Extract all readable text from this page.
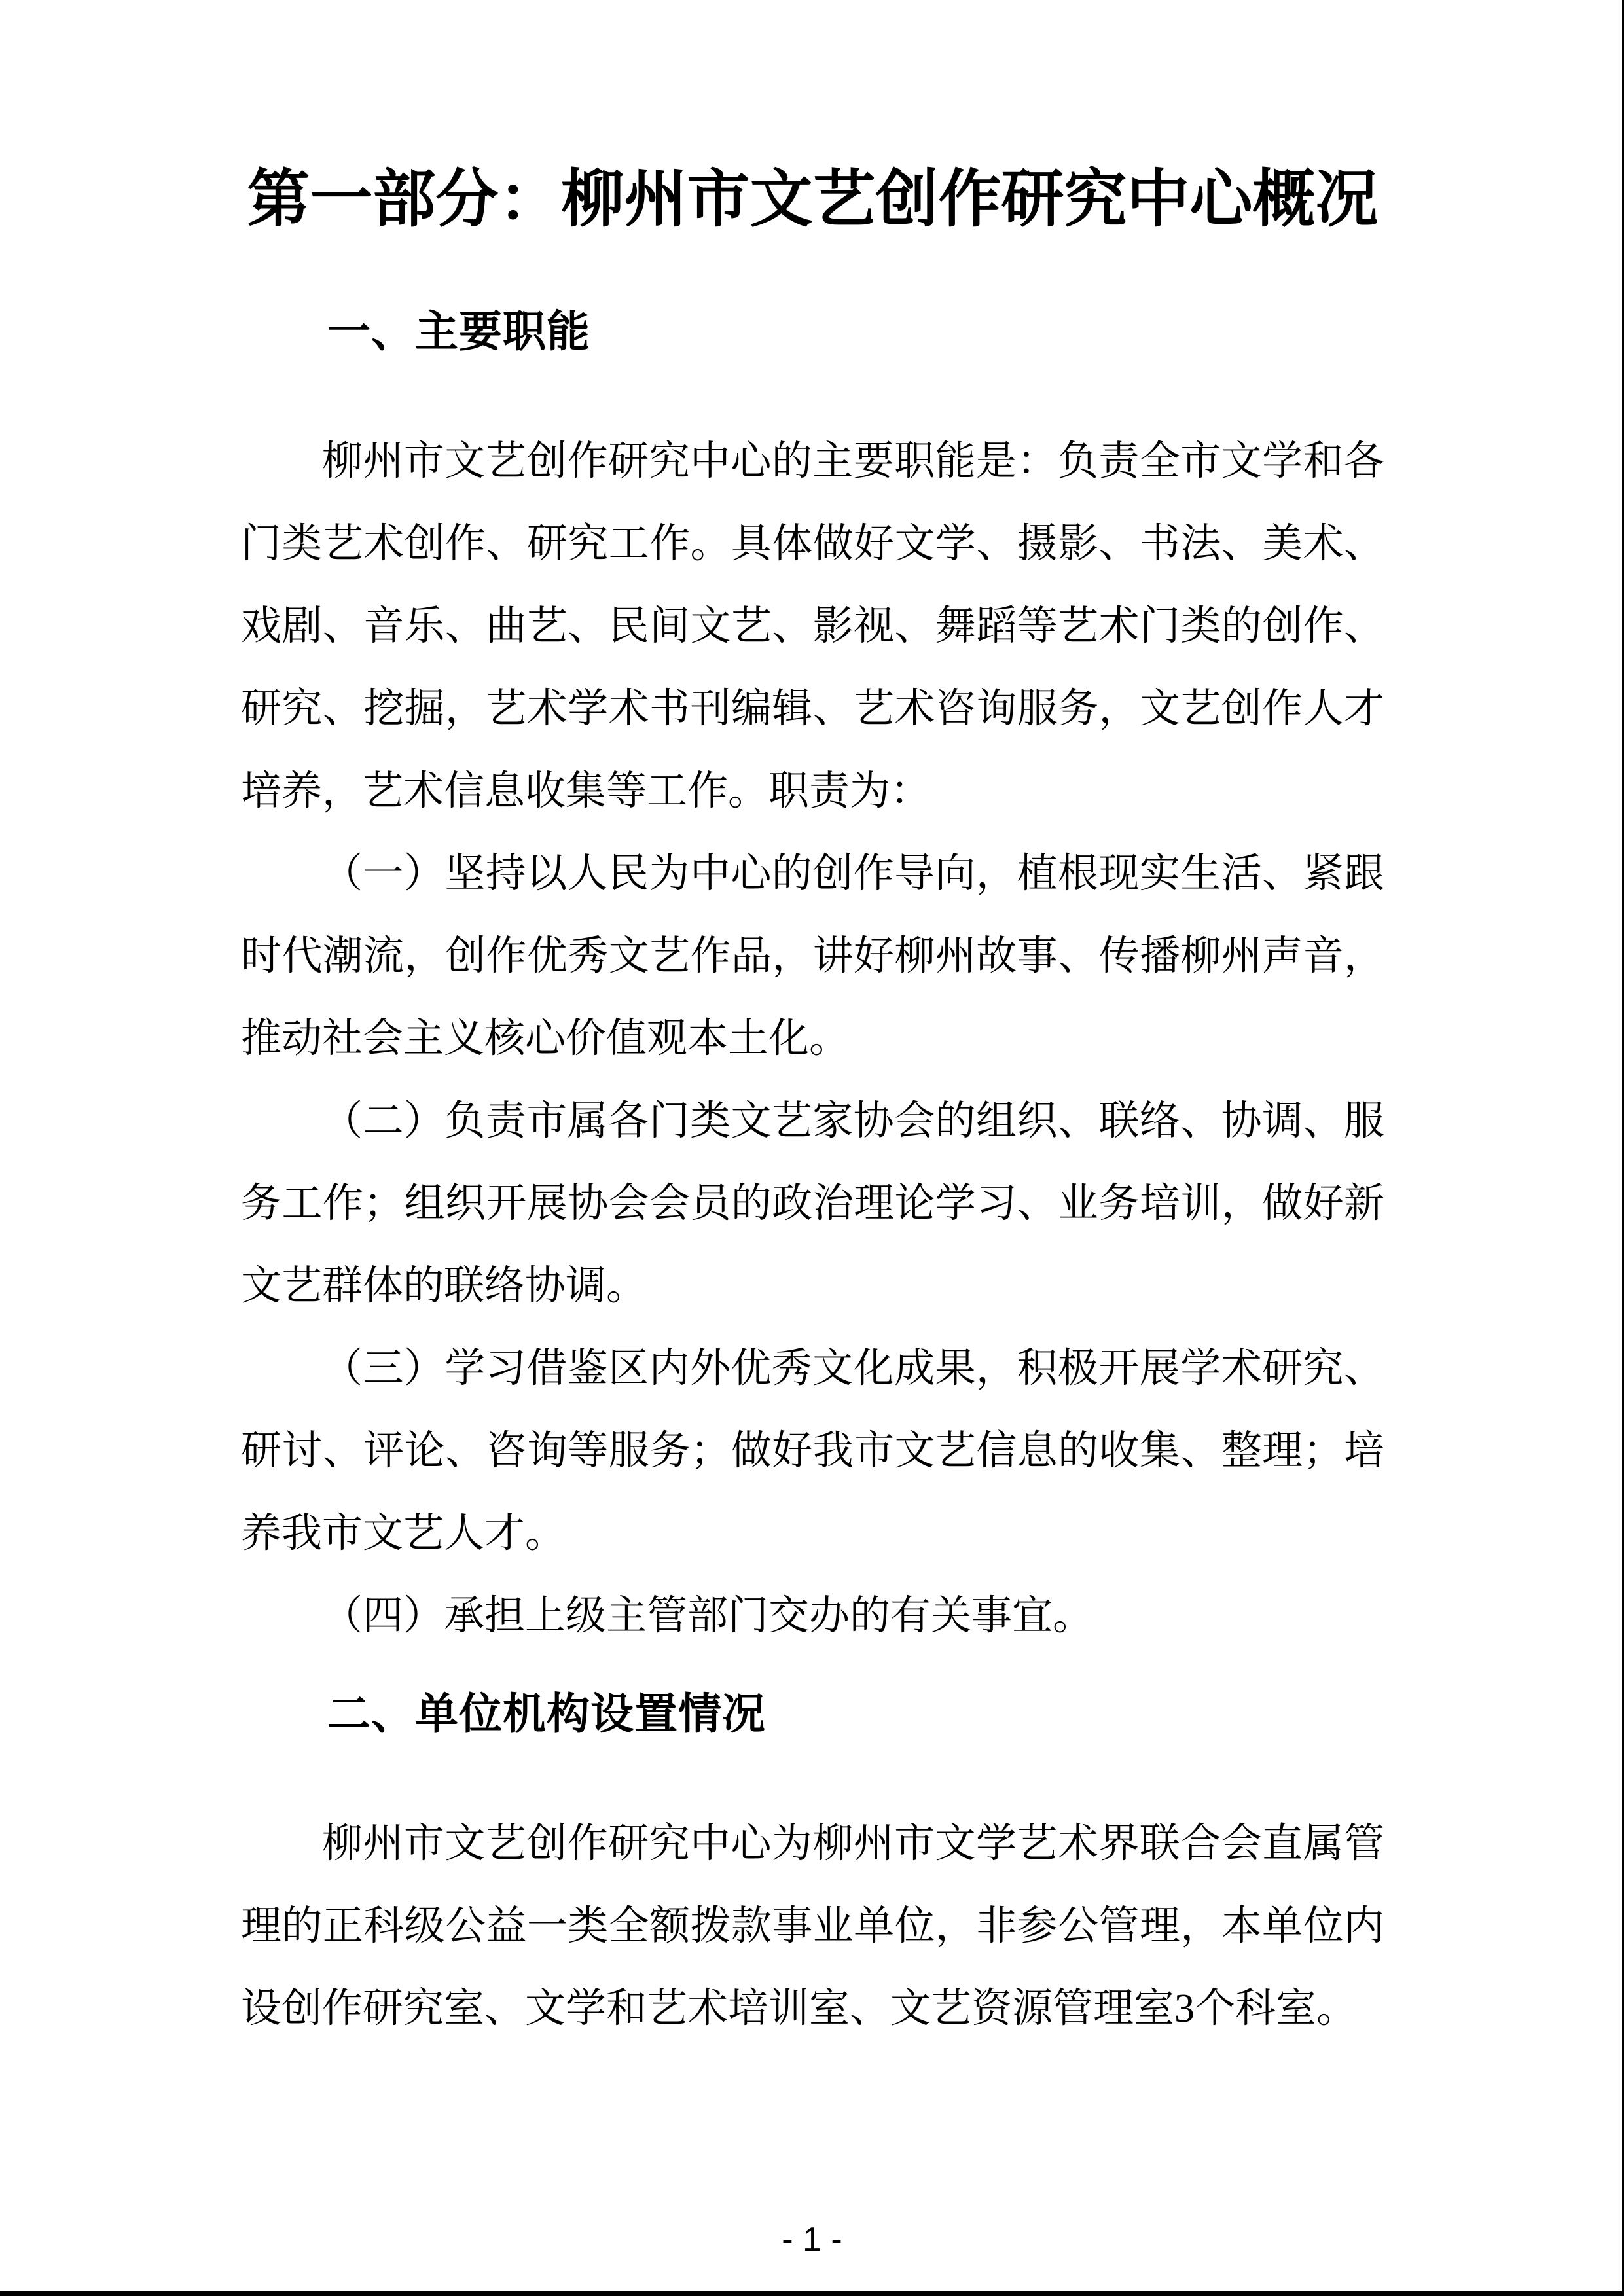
第一部分：柳州市文艺创作研究中心概况
一、主要职能

柳州市文艺创作研究中心的主要职能是：负责全市文学和各门类艺术创作、研究工作。具体做好文学、摄影、书法、美术、戏剧、音乐、曲艺、民间文艺、影视、舞蹈等艺术门类的创作、研究、挖掘，艺术学术书刊编辑、艺术咨询服务，文艺创作人才培养，艺术信息收集等工作。职责为：

（一）坚持以人民为中心的创作导向，植根现实生活、紧跟时代潮流，创作优秀文艺作品，讲好柳州故事、传播柳州声音，推动社会主义核心价值观本土化。

（二）负责市属各门类文艺家协会的组织、联络、协调、服务工作；组织开展协会会员的政治理论学习、业务培训，做好新文艺群体的联络协调。

（三）学习借鉴区内外优秀文化成果，积极开展学术研究、研讨、评论、咨询等服务；做好我市文艺信息的收集、整理；培养我市文艺人才。

（四）承担上级主管部门交办的有关事宜。

二、单位机构设置情况

柳州市文艺创作研究中心为柳州市文学艺术界联合会直属管理的正科级公益一类全额拨款事业单位，非参公管理，本单位内设创作研究室、文学和艺术培训室、文艺资源管理室3个科室。

- 1 -
